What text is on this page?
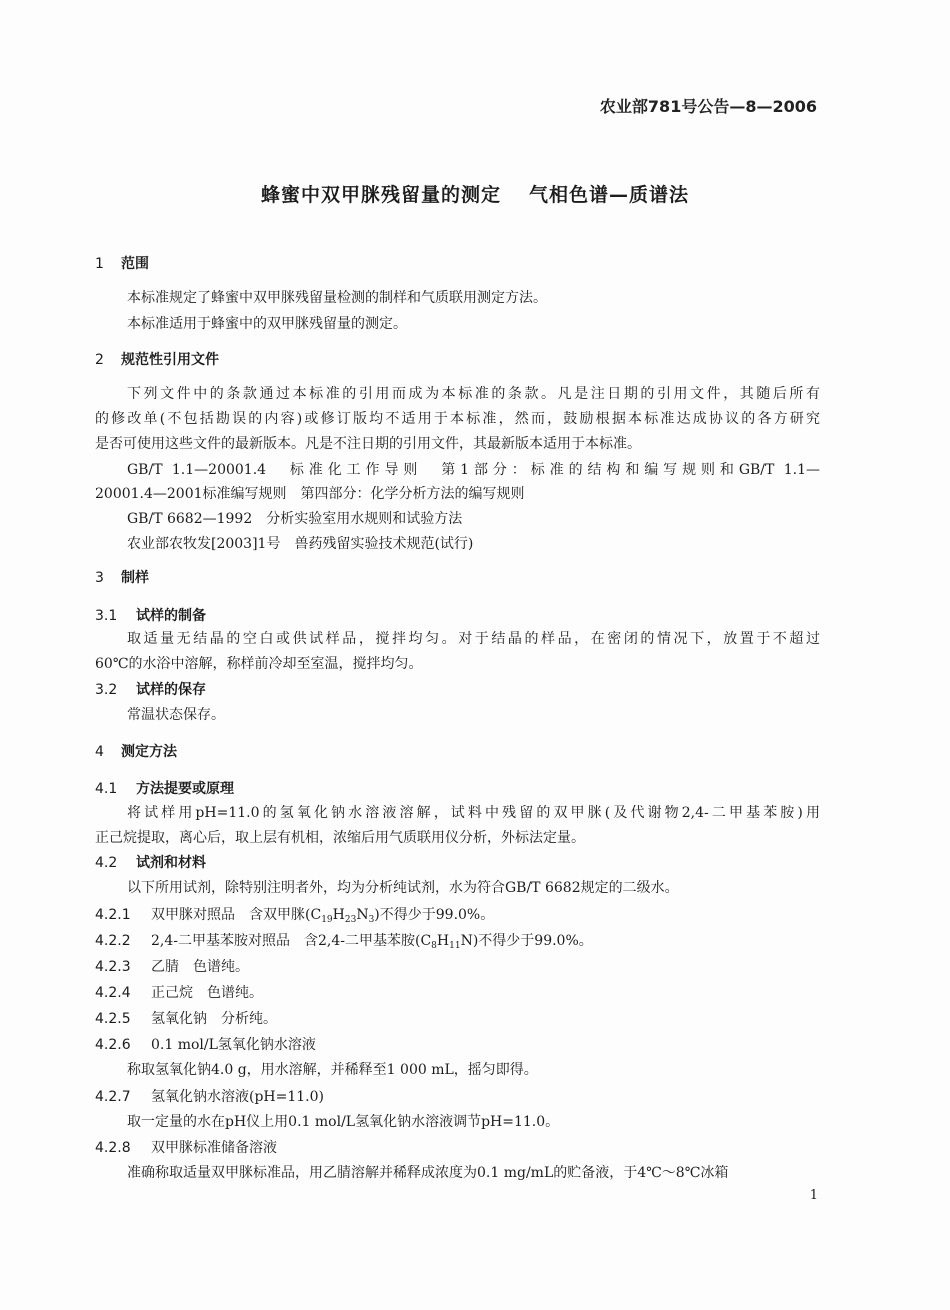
农业部781号公告—8—2006
蜂蜜中双甲脒残留量的测定 气相色谱—质谱法
1 范围
本标准规定了蜂蜜中双甲脒残留量检测的制样和气质联用测定方法。
本标准适用于蜂蜜中的双甲脒残留量的测定。
2 规范性引用文件
下列文件中的条款通过本标准的引用而成为本标准的条款。凡是注日期的引用文件，其随后所有
的修改单(不包括勘误的内容)或修订版均不适用于本标准，然而，鼓励根据本标准达成协议的各方研究
是否可使用这些文件的最新版本。凡是不注日期的引用文件，其最新版本适用于本标准。
GB/T 1.1—20001.4　标准化工作导则　第1部分：标准的结构和编写规则和GB/T 1.1—
20001.4—2001标准编写规则　第四部分：化学分析方法的编写规则
GB/T 6682—1992　分析实验室用水规则和试验方法
农业部农牧发[2003]1号　兽药残留实验技术规范(试行)
3 制样
3.1 试样的制备
取适量无结晶的空白或供试样品，搅拌均匀。对于结晶的样品，在密闭的情况下，放置于不超过
60℃的水浴中溶解，称样前冷却至室温，搅拌均匀。
3.2 试样的保存
常温状态保存。
4 测定方法
4.1 方法提要或原理
将试样用pH=11.0的氢氧化钠水溶液溶解，试料中残留的双甲脒(及代谢物2,4-二甲基苯胺)用
正己烷提取，离心后，取上层有机相，浓缩后用气质联用仪分析，外标法定量。
4.2 试剂和材料
以下所用试剂，除特别注明者外，均为分析纯试剂，水为符合GB/T 6682规定的二级水。
4.2.1 双甲脒对照品 含双甲脒$(C_{19}H_{23}N_3)$不得少于99.0%。
4.2.2 2,4-二甲基苯胺对照品 含2,4-二甲基苯胺$(C_8H_{11}N)$不得少于99.0%。
4.2.3 乙腈 色谱纯。
4.2.4 正己烷 色谱纯。
4.2.5 氢氧化钠 分析纯。
4.2.6 0.1 mol/L氢氧化钠水溶液
称取氢氧化钠4.0 g，用水溶解，并稀释至1 000 mL，摇匀即得。
4.2.7 氢氧化钠水溶液(pH=11.0)
取一定量的水在pH仪上用0.1 mol/L氢氧化钠水溶液调节pH=11.0。
4.2.8 双甲脒标准储备溶液
准确称取适量双甲脒标准品，用乙腈溶解并稀释成浓度为0.1 mg/mL的贮备液，于4℃～8℃冰箱
1
